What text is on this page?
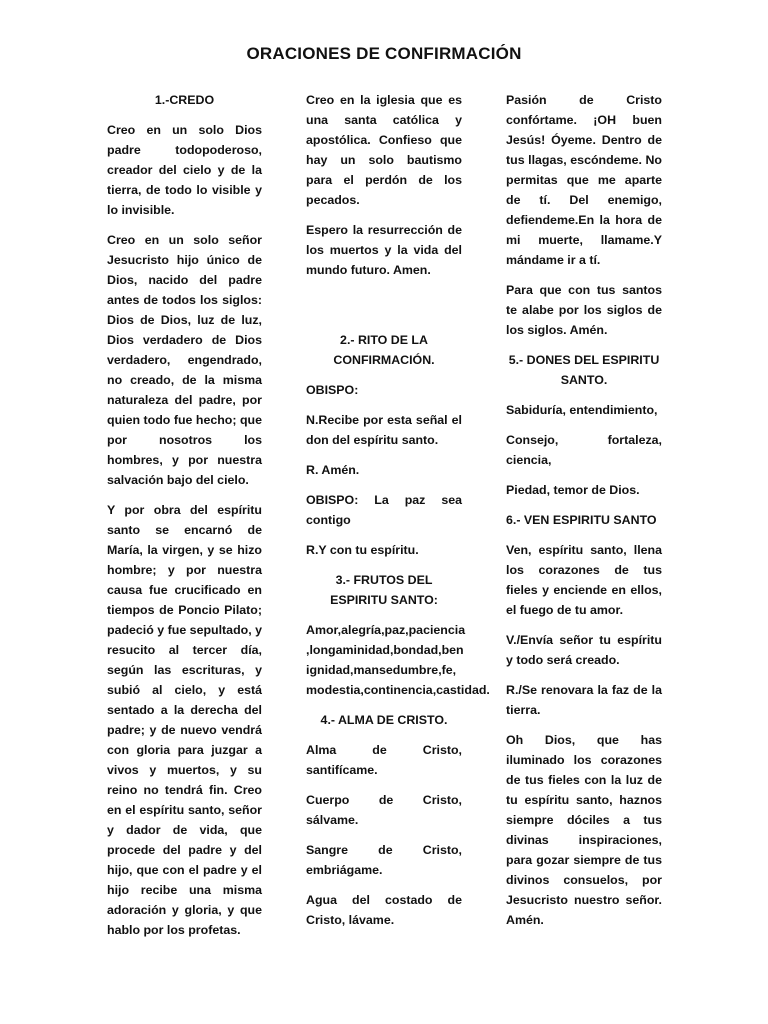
ORACIONES DE CONFIRMACIÓN
1.-CREDO

Creo en un solo Dios padre todopoderoso, creador del cielo y de la tierra, de todo lo visible y lo invisible.

Creo en un solo señor Jesucristo hijo único de Dios, nacido del padre antes de todos los siglos: Dios de Dios, luz de luz, Dios verdadero de Dios verdadero, engendrado, no creado, de la misma naturaleza del padre, por quien todo fue hecho; que por nosotros los hombres, y por nuestra salvación bajo del cielo.

Y por obra del espíritu santo se encarnó de María, la virgen, y se hizo hombre; y por nuestra causa fue crucificado en tiempos de Poncio Pilato; padeció y fue sepultado, y resucito al tercer día, según las escrituras, y subió al cielo, y está sentado a la derecha del padre; y de nuevo vendrá con gloria para juzgar a vivos y muertos, y su reino no tendrá fin. Creo en el espíritu santo, señor y dador de vida, que procede del padre y del hijo, que con el padre y el hijo recibe una misma adoración y gloria, y que hablo por los profetas.

Creo en la iglesia que es una santa católica y apostólica. Confieso que hay un solo bautismo para el perdón de los pecados.

Espero la resurrección de los muertos y la vida del mundo futuro. Amen.

2.- RITO DE LA CONFIRMACIÓN.

OBISPO:

N.Recibe por esta señal el don del espíritu santo.

R. Amén.

OBISPO: La paz sea contigo

R.Y con tu espíritu.

3.- FRUTOS DEL ESPIRITU SANTO:

Amor,alegría,paz,paciencia ,longaminidad,bondad,ben ignidad,mansedumbre,fe, modestia,continencia,castidad.

4.- ALMA DE CRISTO.

Alma de Cristo, santifícame.

Cuerpo de Cristo, sálvame.

Sangre de Cristo, embriágame.

Agua del costado de Cristo, lávame.

Pasión de Cristo confórtame. ¡OH buen Jesús! Óyeme. Dentro de tus llagas, escóndeme. No permitas que me aparte de tí. Del enemigo, defiendeme.En la hora de mi muerte, llamame.Y mándame ir a tí.

Para que con tus santos te alabe por los siglos de los siglos. Amén.

5.- DONES DEL ESPIRITU SANTO.

Sabiduría, entendimiento,

Consejo, fortaleza, ciencia,

Piedad, temor de Dios.

6.- VEN ESPIRITU SANTO

Ven, espíritu santo, llena los corazones de tus fieles y enciende en ellos, el fuego de tu amor.

V./Envía señor tu espíritu y todo será creado.

R./Se renovara la faz de la tierra.

Oh Dios, que has iluminado los corazones de tus fieles con la luz de tu espíritu santo, haznos siempre dóciles a tus divinas inspiraciones, para gozar siempre de tus divinos consuelos, por Jesucristo nuestro señor. Amén.
